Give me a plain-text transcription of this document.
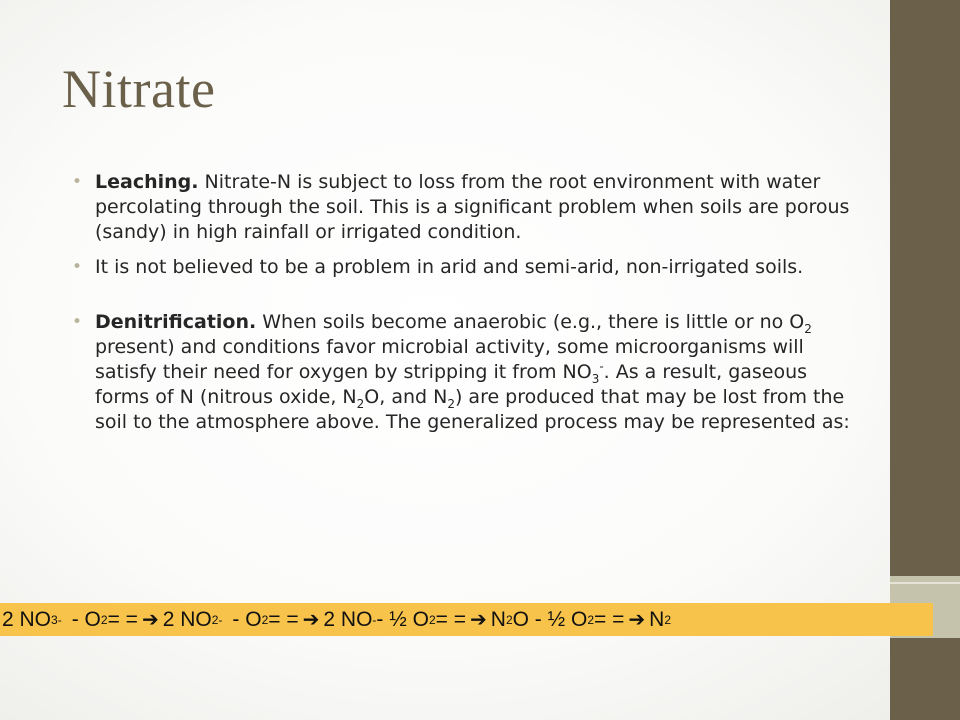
Nitrate
• Leaching. Nitrate-N is subject to loss from the root environment with water percolating through the soil. This is a significant problem when soils are porous (sandy) in high rainfall or irrigated condition.
• It is not believed to be a problem in arid and semi-arid, non-irrigated soils.
• Denitrification. When soils become anaerobic (e.g., there is little or no $O_2$ present) and conditions favor microbial activity, some microorganisms will satisfy their need for oxygen by stripping it from $NO_3^-$. As a result, gaseous forms of N (nitrous oxide, $N_2O$, and $N_2$) are produced that may be lost from the soil to the atmosphere above. The generalized process may be represented as:
2 NO 3 - - O 2 = = ➔ 2 NO 2 - - O 2 = = ➔ 2 NO - - ½ O 2 = = ➔ N 2 O - ½ O 2 = = ➔ N 2
